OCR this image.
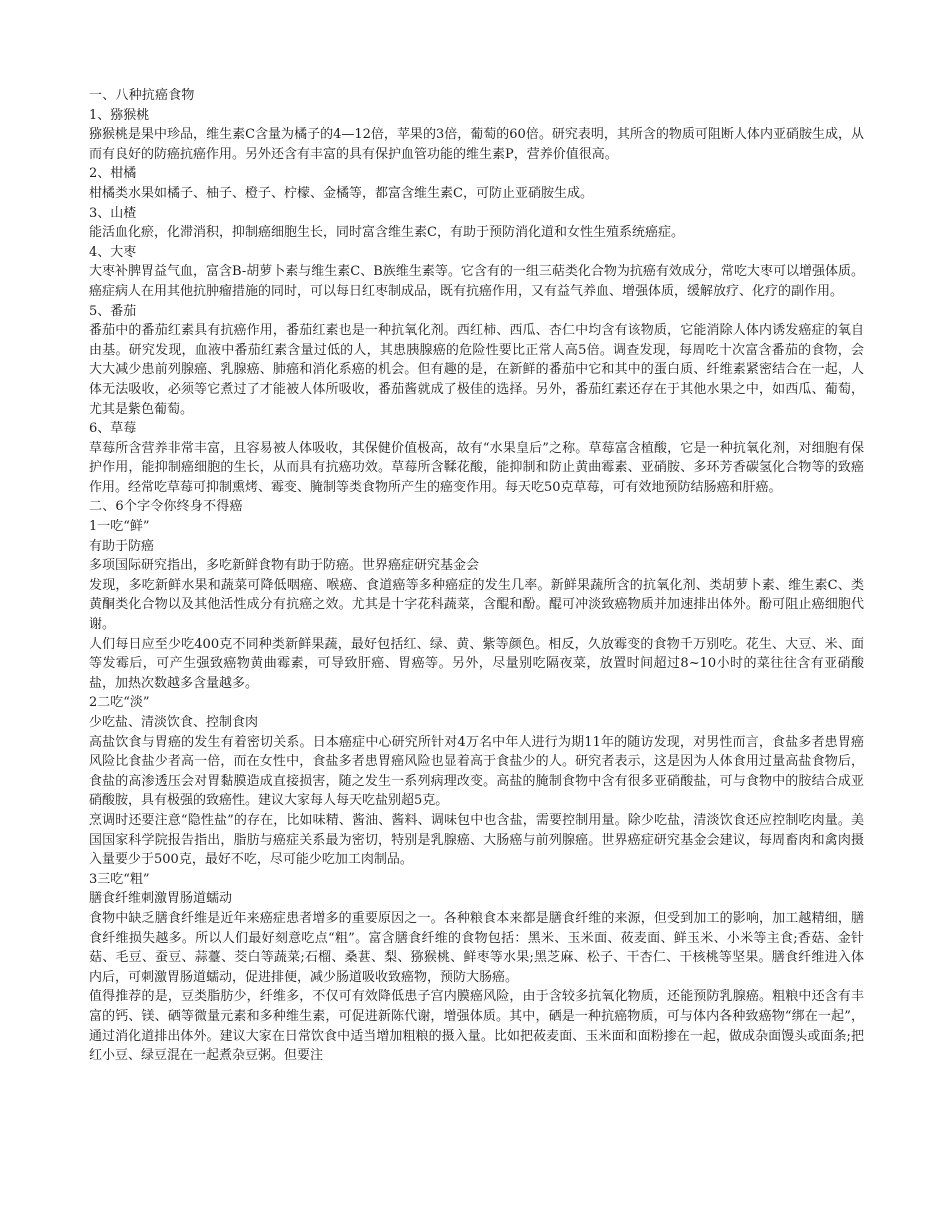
一、八种抗癌食物

1、猕猴桃

猕猴桃是果中珍品，维生素C含量为橘子的4—12倍，苹果的3倍，葡萄的60倍。研究表明，其所含的物质可阻断人体内亚硝胺生成，从而有良好的防癌抗癌作用。另外还含有丰富的具有保护血管功能的维生素P，营养价值很高。

2、柑橘

柑橘类水果如橘子、柚子、橙子、柠檬、金橘等，都富含维生素C，可防止亚硝胺生成。

3、山楂

能活血化瘀，化滞消积，抑制癌细胞生长，同时富含维生素C，有助于预防消化道和女性生殖系统癌症。

4、大枣

大枣补脾胃益气血，富含B-胡萝卜素与维生素C、B族维生素等。它含有的一组三萜类化合物为抗癌有效成分，常吃大枣可以增强体质。癌症病人在用其他抗肿瘤措施的同时，可以每日红枣制成品，既有抗癌作用，又有益气养血、增强体质，缓解放疗、化疗的副作用。

5、番茄

番茄中的番茄红素具有抗癌作用，番茄红素也是一种抗氧化剂。西红柿、西瓜、杏仁中均含有该物质，它能消除人体内诱发癌症的氧自由基。研究发现，血液中番茄红素含量过低的人，其患胰腺癌的危险性要比正常人高5倍。调查发现，每周吃十次富含番茄的食物，会大大减少患前列腺癌、乳腺癌、肺癌和消化系癌的机会。但有趣的是，在新鲜的番茄中它和其中的蛋白质、纤维素紧密结合在一起，人体无法吸收，必须等它煮过了才能被人体所吸收，番茄酱就成了极佳的选择。另外，番茄红素还存在于其他水果之中，如西瓜、葡萄，尤其是紫色葡萄。

6、草莓

草莓所含营养非常丰富，且容易被人体吸收，其保健价值极高，故有“水果皇后”之称。草莓富含植酸，它是一种抗氧化剂，对细胞有保护作用，能抑制癌细胞的生长，从而具有抗癌功效。草莓所含鞣花酸，能抑制和防止黄曲霉素、亚硝胺、多环芳香碳氢化合物等的致癌作用。经常吃草莓可抑制熏烤、霉变、腌制等类食物所产生的癌变作用。每天吃50克草莓，可有效地预防结肠癌和肝癌。

二、6个字令你终身不得癌

1一吃“鲜”

有助于防癌

多项国际研究指出，多吃新鲜食物有助于防癌。世界癌症研究基金会

发现，多吃新鲜水果和蔬菜可降低咽癌、喉癌、食道癌等多种癌症的发生几率。新鲜果蔬所含的抗氧化剂、类胡萝卜素、维生素C、类黄酮类化合物以及其他活性成分有抗癌之效。尤其是十字花科蔬菜，含醌和酚。醌可冲淡致癌物质并加速排出体外。酚可阻止癌细胞代谢。

人们每日应至少吃400克不同种类新鲜果蔬，最好包括红、绿、黄、紫等颜色。相反，久放霉变的食物千万别吃。花生、大豆、米、面等发霉后，可产生强致癌物黄曲霉素，可导致肝癌、胃癌等。另外，尽量别吃隔夜菜，放置时间超过8~10小时的菜往往含有亚硝酸盐，加热次数越多含量越多。

2二吃“淡”

少吃盐、清淡饮食、控制食肉

高盐饮食与胃癌的发生有着密切关系。日本癌症中心研究所针对4万名中年人进行为期11年的随访发现，对男性而言，食盐多者患胃癌风险比食盐少者高一倍，而在女性中，食盐多者患胃癌风险也显着高于食盐少的人。研究者表示，这是因为人体食用过量高盐食物后，食盐的高渗透压会对胃黏膜造成直接损害，随之发生一系列病理改变。高盐的腌制食物中含有很多亚硝酸盐，可与食物中的胺结合成亚硝酸胺，具有极强的致癌性。建议大家每人每天吃盐别超5克。

烹调时还要注意“隐性盐”的存在，比如味精、酱油、酱料、调味包中也含盐，需要控制用量。除少吃盐，清淡饮食还应控制吃肉量。美国国家科学院报告指出，脂肪与癌症关系最为密切，特别是乳腺癌、大肠癌与前列腺癌。世界癌症研究基金会建议，每周畜肉和禽肉摄入量要少于500克，最好不吃，尽可能少吃加工肉制品。

3三吃“粗”

膳食纤维刺激胃肠道蠕动

食物中缺乏膳食纤维是近年来癌症患者增多的重要原因之一。各种粮食本来都是膳食纤维的来源，但受到加工的影响，加工越精细，膳食纤维损失越多。所以人们最好刻意吃点“粗”。富含膳食纤维的食物包括：黑米、玉米面、莜麦面、鲜玉米、小米等主食;香菇、金针菇、毛豆、蚕豆、蒜薹、茭白等蔬菜;石榴、桑葚、梨、猕猴桃、鲜枣等水果;黑芝麻、松子、干杏仁、干核桃等坚果。膳食纤维进入体内后，可刺激胃肠道蠕动，促进排便，减少肠道吸收致癌物，预防大肠癌。

值得推荐的是，豆类脂肪少，纤维多，不仅可有效降低患子宫内膜癌风险，由于含较多抗氧化物质，还能预防乳腺癌。粗粮中还含有丰富的钙、镁、硒等微量元素和多种维生素，可促进新陈代谢，增强体质。其中，硒是一种抗癌物质，可与体内各种致癌物“绑在一起”，通过消化道排出体外。建议大家在日常饮食中适当增加粗粮的摄入量。比如把莜麦面、玉米面和面粉掺在一起，做成杂面馒头或面条;把红小豆、绿豆混在一起煮杂豆粥。但要注
